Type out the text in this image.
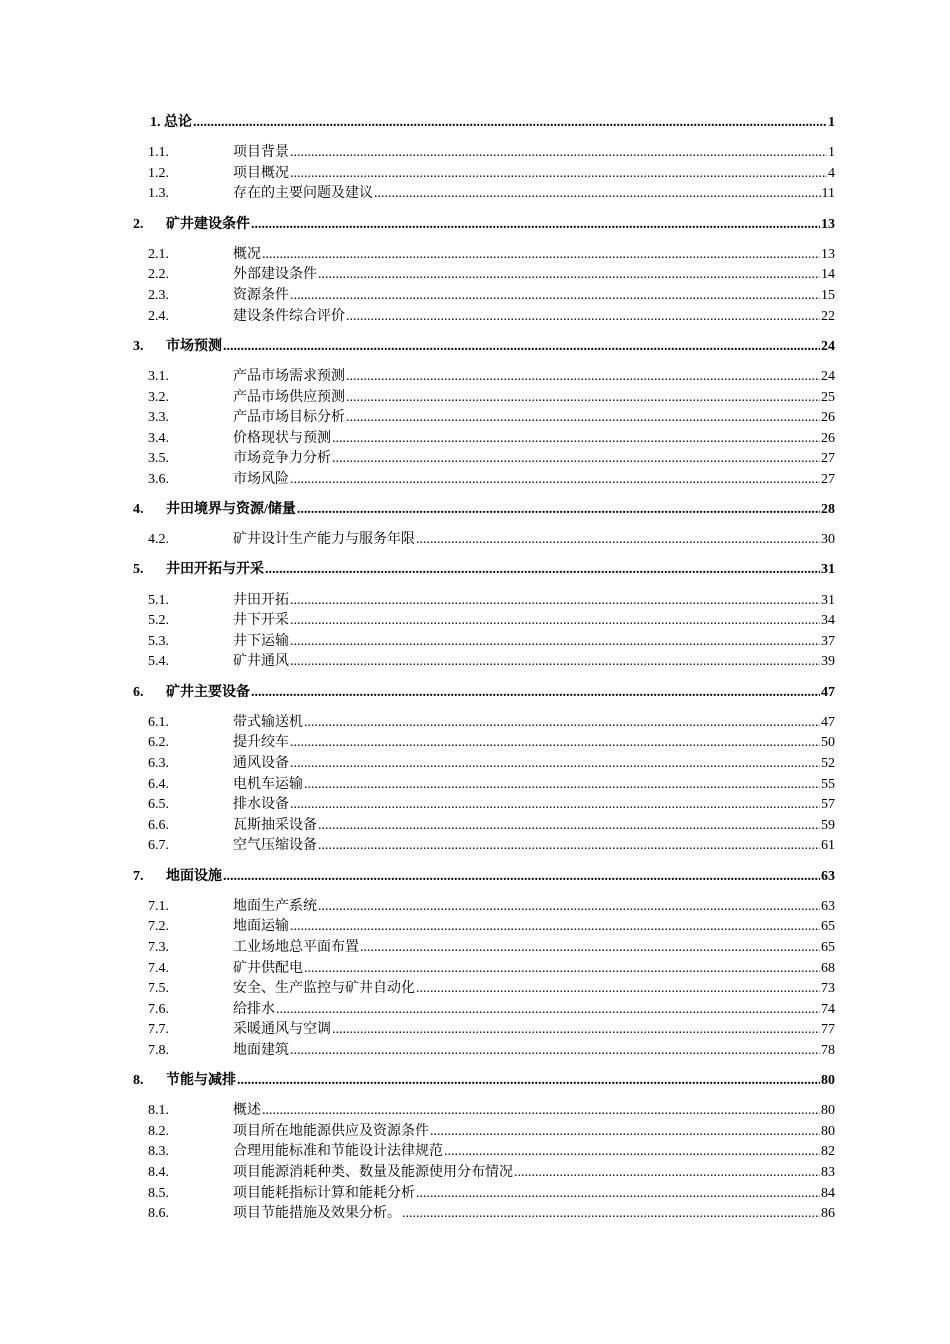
1. 总论 .....	1
1.1.	项目背景 .....	1
1.2.	项目概况 .....	4
1.3.	存在的主要问题及建议 .....	11
2. 矿井建设条件 .....	13
2.1.	概况 .....	13
2.2.	外部建设条件 .....	14
2.3.	资源条件 .....	15
2.4.	建设条件综合评价 .....	22
3. 市场预测 .....	24
3.1.	产品市场需求预测 .....	24
3.2.	产品市场供应预测 .....	25
3.3.	产品市场目标分析 .....	26
3.4.	价格现状与预测 .....	26
3.5.	市场竞争力分析 .....	27
3.6.	市场风险 .....	27
4. 井田境界与资源/储量 .....	28
4.2.	矿井设计生产能力与服务年限 .....	30
5. 井田开拓与开采 .....	31
5.1.	井田开拓 .....	31
5.2.	井下开采 .....	34
5.3.	井下运输 .....	37
5.4.	矿井通风 .....	39
6. 矿井主要设备 .....	47
6.1.	带式输送机 .....	47
6.2.	提升绞车 .....	50
6.3.	通风设备 .....	52
6.4.	电机车运输 .....	55
6.5.	排水设备 .....	57
6.6.	瓦斯抽采设备 .....	59
6.7.	空气压缩设备 .....	61
7. 地面设施 .....	63
7.1.	地面生产系统 .....	63
7.2.	地面运输 .....	65
7.3.	工业场地总平面布置 .....	65
7.4.	矿井供配电 .....	68
7.5.	安全、生产监控与矿井自动化 .....	73
7.6.	给排水 .....	74
7.7.	采暖通风与空调 .....	77
7.8.	地面建筑 .....	78
8. 节能与减排 .....	80
8.1.	概述 .....	80
8.2.	项目所在地能源供应及资源条件 .....	80
8.3.	合理用能标准和节能设计法律规范 .....	82
8.4.	项目能源消耗种类、数量及能源使用分布情况 .....	83
8.5.	项目能耗指标计算和能耗分析 .....	84
8.6.	项目节能措施及效果分析。 .....	86
